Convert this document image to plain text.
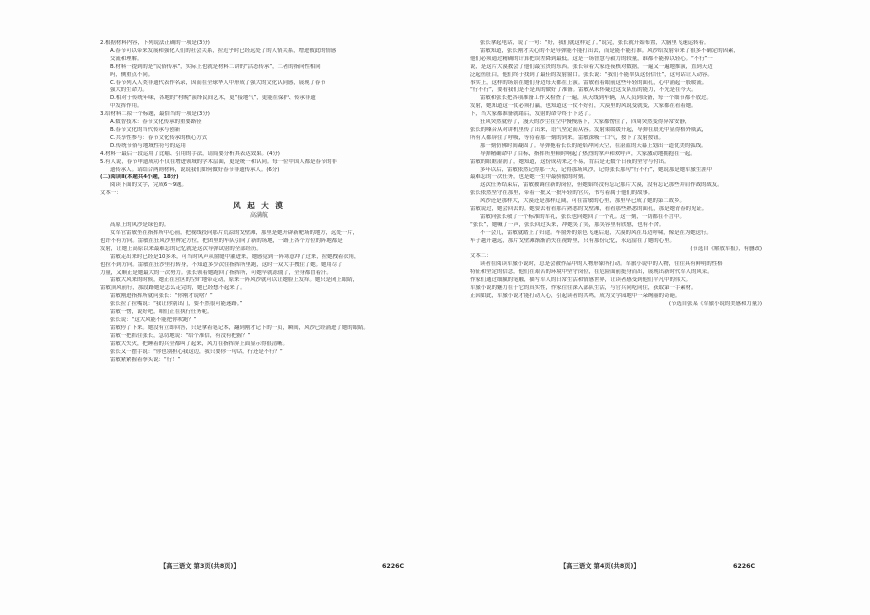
2.根据材料内容，下列说法正确的一项是(3分)
A.春节可以带来发展和强化人们的社会关系，拉近乎时已经远处了的人情关系，增进彼此的情感
交流和理解。
B.材料一提到的是“民俗传承”，实际上也就是材料二讲的“活态传承”，二者的指向性相同
吗，侧重点不同。
C.春节列入人类非遗代表作名录，因而在全球华人中形成了强大的文化认同感，展现了春节
强大的生命力。
D.相对于传统年味，各地的“村晚”演绎民间艺术，更“接地气”，更能在保护、传承非遗
中发挥作用。
3.给材料二拟一个标题，最恰当的一项是(3分)
A.数智技术：春节文化传承的重要路径
B.春节文化的当代传承与创新
C.共享性参与：春节文化传承的核心方式
D.传统节俗与地域性符号的运用
4.材料一最后一段运用了比喻、引用的手法，请简要分析其表达效果。(4分)
5.有人说，春节申遗成功不仅在增进领域的学术层面，更是统一和认同。每一位中国人都是春节的非
遗传承人。请结合两则材料，说说我们如何做好春节非遗传承人。(6分)
(二)阅读Ⅱ(本题共4小题，18分)
阅读下面的文字，完成6～9题。
文本一：
风 起 大 漠
高满航
高原上的风沙是绿色的。
女军官雷敏坐在指挥所中心前，把视线投向那片荒凉的戈壁滩，那里是她开辟新靶场的地方，远处一片，
也许不有方向。雷敏在狂风沙里辨定方位，把团里的车队引向了新的场地，一路上各个方位的阵地都是
发射，让她上高原以来最难忘的记忆就是这次导弹试射的全部经历。
雷敏走出来时已经是10多米，可当时风声从窗缝中灌进来，她感觉到一阵寒意冲了过来，拉她拽着衣角，
也拉不到方向。雷敏在狂沙里打转身，不知道多少次往指挥所里跑，这时一双大手拽住了她。她用尽了
力量，又顺正是她最大的一次努力。张长领着她跑回了指挥所，可她早就冻僵了，全身都冒着汗。
雷敏大风来的时候，她正在营区的空旷地带走动，原来一阵风沙就可以让她脸上发痒。她只是闭上眼睛，
雷敏顶风前行，那段路她是怎么走完的，她已经想不起来了。
雷敏刚进指挥所就问张长：“你刚才说啥？”
张长拉了拉嘴说：“我让你别出门，要不然很可能迷路。”
雷敏一愣，说好吧，咱们正在执行任务呢。
张长说：“这大风能不能把你吹跑？”
雷敏停了下来。她没有立即回答，只是拿着笔记本，翻到刚才记下的一页，瞬间，风沙已经涌进了她的眼睛。
雷敏一把抓住张长，急切地说：“给个准信，有没有把握？”
雷敏大失火，把睡着的兵全都叫了起来，风力在指挥屏上面显示得很清晰。
张长又一摆手说：“你也别担心我这边，我只要你一句话，行还是不行？”
雷敏紧紧握着拳头说：“行！”
张长拿起电话，说了一句：“好，我们就这样定了。”说完，张长就开始布置，大脑里飞速运转着。
雷敏知道，张长刚才关心的不是导弹能不能打出去，而是能不能打准。风沙给发射带来了很多不确定的因素，
他们必须通过精确的计算把误差降到最低。这是一场智慧与毅力的较量，谁都不能掉以轻心。“不行”一
说，是这片大漠教会了他们最宝贵的东西。张长带着大家连夜核对数据，一遍又一遍地推演，直到天边
泛起鱼肚白，他们终于找到了最佳的发射窗口。张长说：“我们不能辜负这份信任”，这句话让人动容。
事实上，这样的场景在她们身边每天都在上演。雷敏看着眼前这些年轻的面孔，心中涌起一股暖流。
“行不行”，要看我们是不是真的做好了准备。雷敏从未怀疑过这支队伍的能力，不光是在今天。
雷敏和张长把各项准备工作又检查了一遍，从天线到车辆，从人员到设备，每一个细节都不放过。
发射，她知道这一仗必须打赢，也知道这一仗不好打，大漠里的风说变就变，大家都在看着她。
下，当大家都准备就绪后，发射的命令终于下达了。
狂风突然就停了，漫天的沙尘在空中慢慢落下，大家都愣住了，四周突然变得异常安静，
张长的嗓音从对讲机里传了出来，语气坚定而从容。发射架缓缓升起，导弹在晨光中显得格外威武，
所有人都屏住了呼吸，等待着那一刻的到来。雷敏深吸一口气，按下了发射按钮。
那一刻仿佛时间凝固了。导弹拖着长长的尾焰冲向天空，在湛蓝的天幕上划出一道优美的弧线。
导弹精确命中了目标，指挥所里顿时响起了热烈的掌声和欢呼声，大家激动地拥抱在一起。
雷敏的眼眶湿润了，她知道，这份成功来之不易，背后是无数个日夜的坚守与付出。
多年以后，雷敏依然记得那一天，记得那场风沙，记得张长那句“行不行”，她说那是她军旅生涯中
最难忘的一次任务，也是她一生中最骄傲的时刻。
这次任务结束后，雷敏被调往新的岗位，但她始终没有忘记那片大漠，没有忘记那些并肩作战的战友。
张长依然坚守在那里，带着一批又一批年轻的官兵，书写着属于他们的故事。
风沙还是那样大，大漠还是那样辽阔，可在雷敏的心里，那里早已成了她的第二故乡。
雷敏说过，她会回去的。她要去看看那片熟悉的戈壁滩，看看那些熟悉的面孔，那是她青春的见证。
雷敏向张长敬了一个标准的军礼，张长也向她回了一个礼。这一刻，一切都在不言中。
“张长”，她喊了一声，张长回过头来，冲她笑了笑，那笑容里有欣慰，也有不舍。
不一会儿，雷敏就踏上了归途。车窗外的景色飞速后退，大漠的风在耳边呼啸，像是在为她送行。
车子越开越远，那片戈壁滩渐渐消失在视野里，只有那份记忆，永远留在了她的心里。
(节选自《解放军报》，有删改)
文本二：
读者在阅读军旅小说时，总是会被作品中的人物形象所打动。军旅小说中的人物，往往具有鲜明的性格
特征和坚定的信念，他们在艰苦的环境中坚守岗位，在危险面前挺身而出，展现出新时代军人的风采。
作家们通过细腻的笔触，描写军人的日常生活和情感世界，让读者感受到他们平凡中的伟大。
军旅小说的魅力在于它的真实性，作家往往深入部队生活，与官兵同吃同住，获取第一手素材。
正因如此，军旅小说才能打动人心，引起读者的共鸣，成为文学园地中一朵绚丽的奇葩。
(节选自张某《军旅小说的美感和力量》)
【高三语文 第3页(共8页)】	6226C	【高三语文 第4页(共8页)】	6226C
